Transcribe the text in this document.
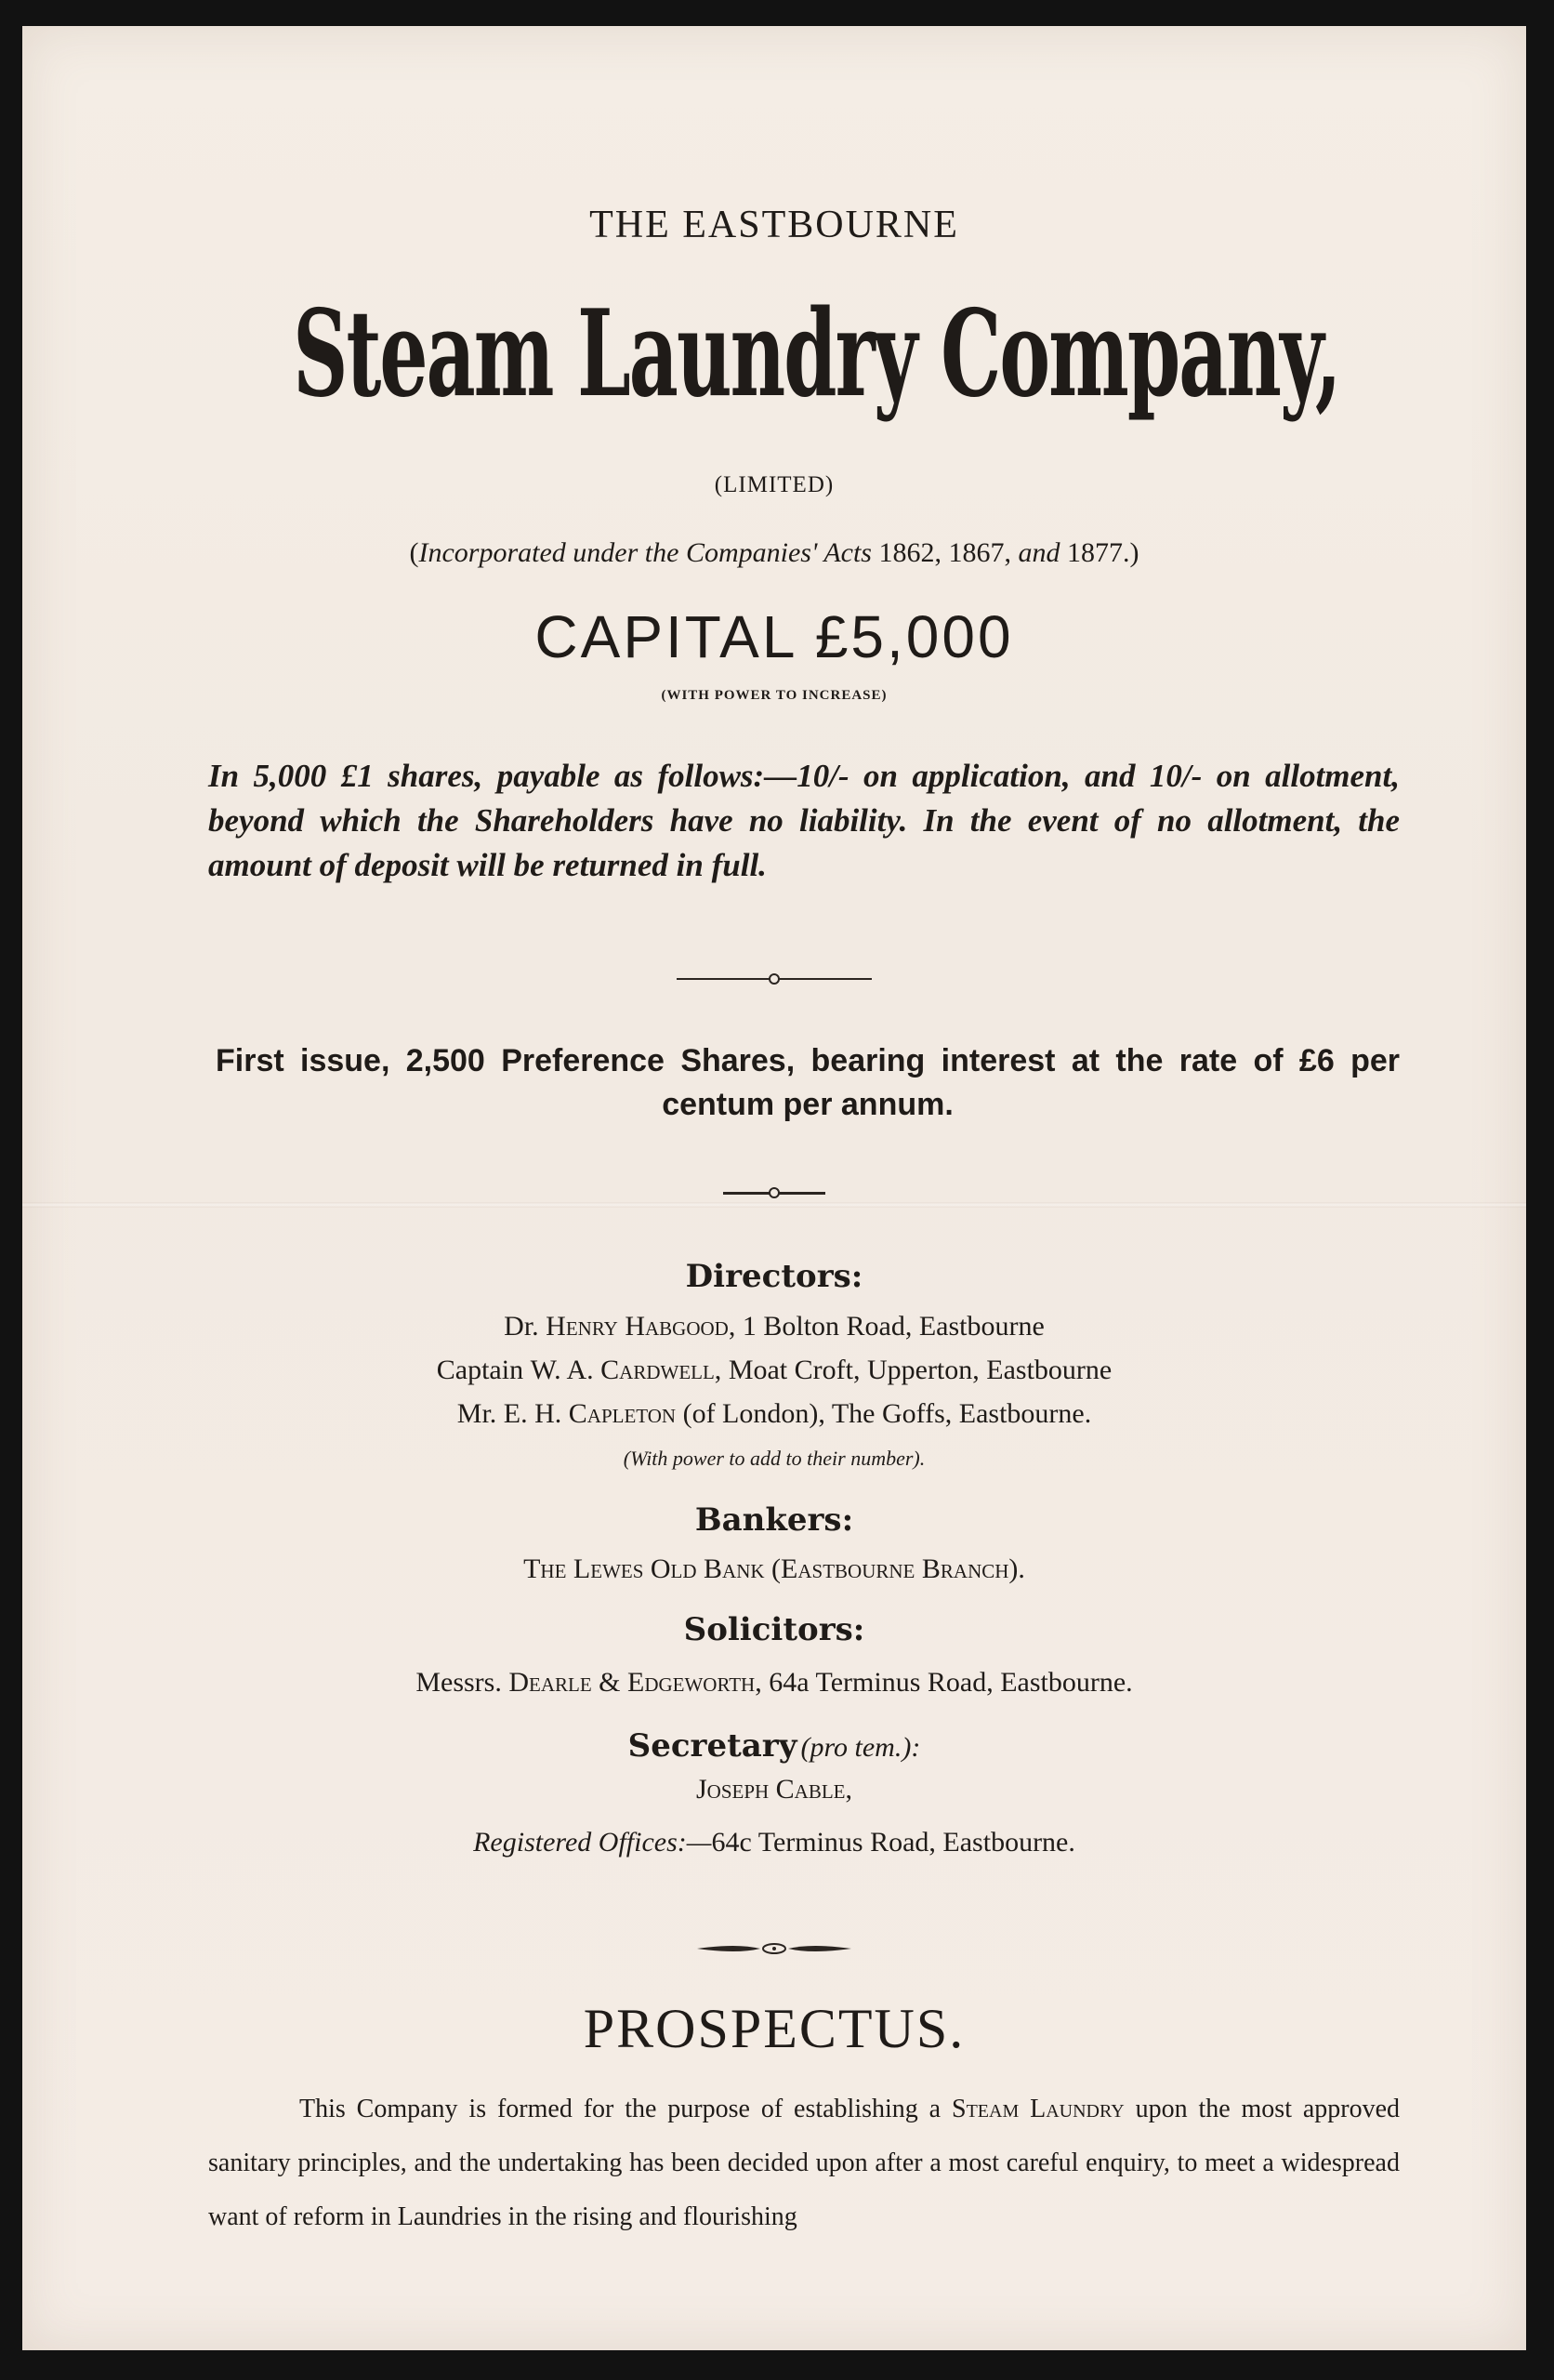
THE EASTBOURNE
Steam Laundry Company,
(LIMITED)
(Incorporated under the Companies' Acts 1862, 1867, and 1877.)
CAPITAL £5,000
(WITH POWER TO INCREASE)
In 5,000 £1 shares, payable as follows:—10/- on application, and 10/- on allotment, beyond which the Shareholders have no liability. In the event of no allotment, the amount of deposit will be returned in full.
First issue, 2,500 Preference Shares, bearing interest at the rate of £6 per centum per annum.
Directors:
Dr. Henry Habgood, 1 Bolton Road, Eastbourne
Captain W. A. Cardwell, Moat Croft, Upperton, Eastbourne
Mr. E. H. Capleton (of London), The Goffs, Eastbourne.
(With power to add to their number).
Bankers:
The Lewes Old Bank (Eastbourne Branch).
Solicitors:
Messrs. Dearle & Edgeworth, 64a Terminus Road, Eastbourne.
Secretary (pro tem.):
Joseph Cable,
Registered Offices:—64c Terminus Road, Eastbourne.
PROSPECTUS.
This Company is formed for the purpose of establishing a Steam Laundry upon the most approved sanitary principles, and the undertaking has been decided upon after a most careful enquiry, to meet a widespread want of reform in Laundries in the rising and flourishing
